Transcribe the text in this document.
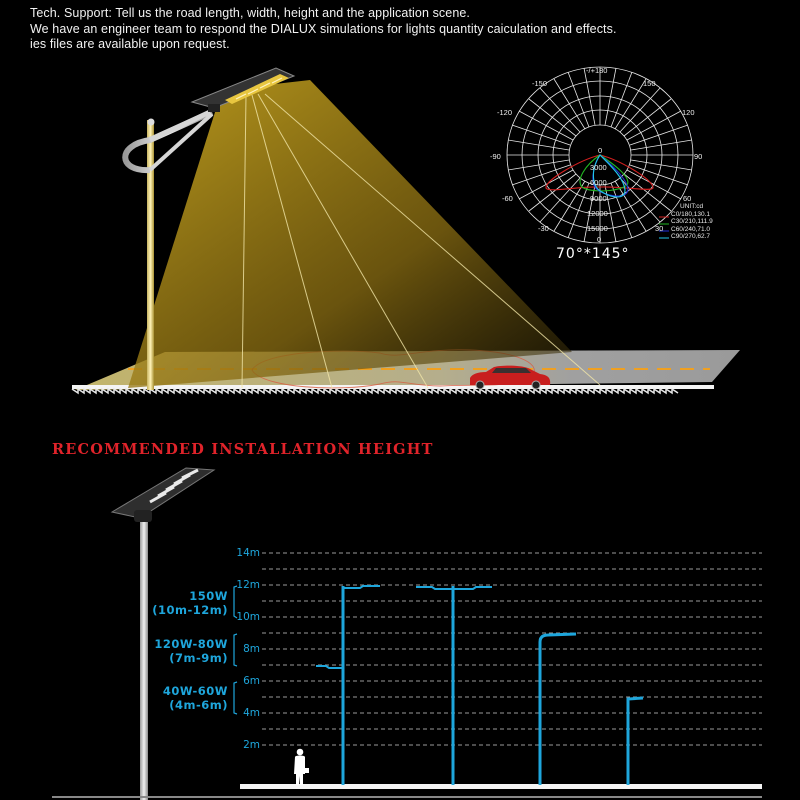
Tech. Support: Tell us the road length, width, height and the application scene.
We have an engineer team to respond the DIALUX simulations for lights quantity caiculation and effects.
ies files are available upon request.
-/+180
-150	150
-120	120
-90	90
-60	60
-30	30
0
3000
6000
9000
12000
15000
0
UNIT:cd
C0/180,130.1
C30/210,111.9
C60/240,71.0
C90/270,62.7
70°*145°
RECOMMENDED INSTALLATION HEIGHT
14m
12m
10m
8m
6m
4m
2m
150W
(10m-12m)
120W-80W
(7m-9m)
40W-60W
(4m-6m)
